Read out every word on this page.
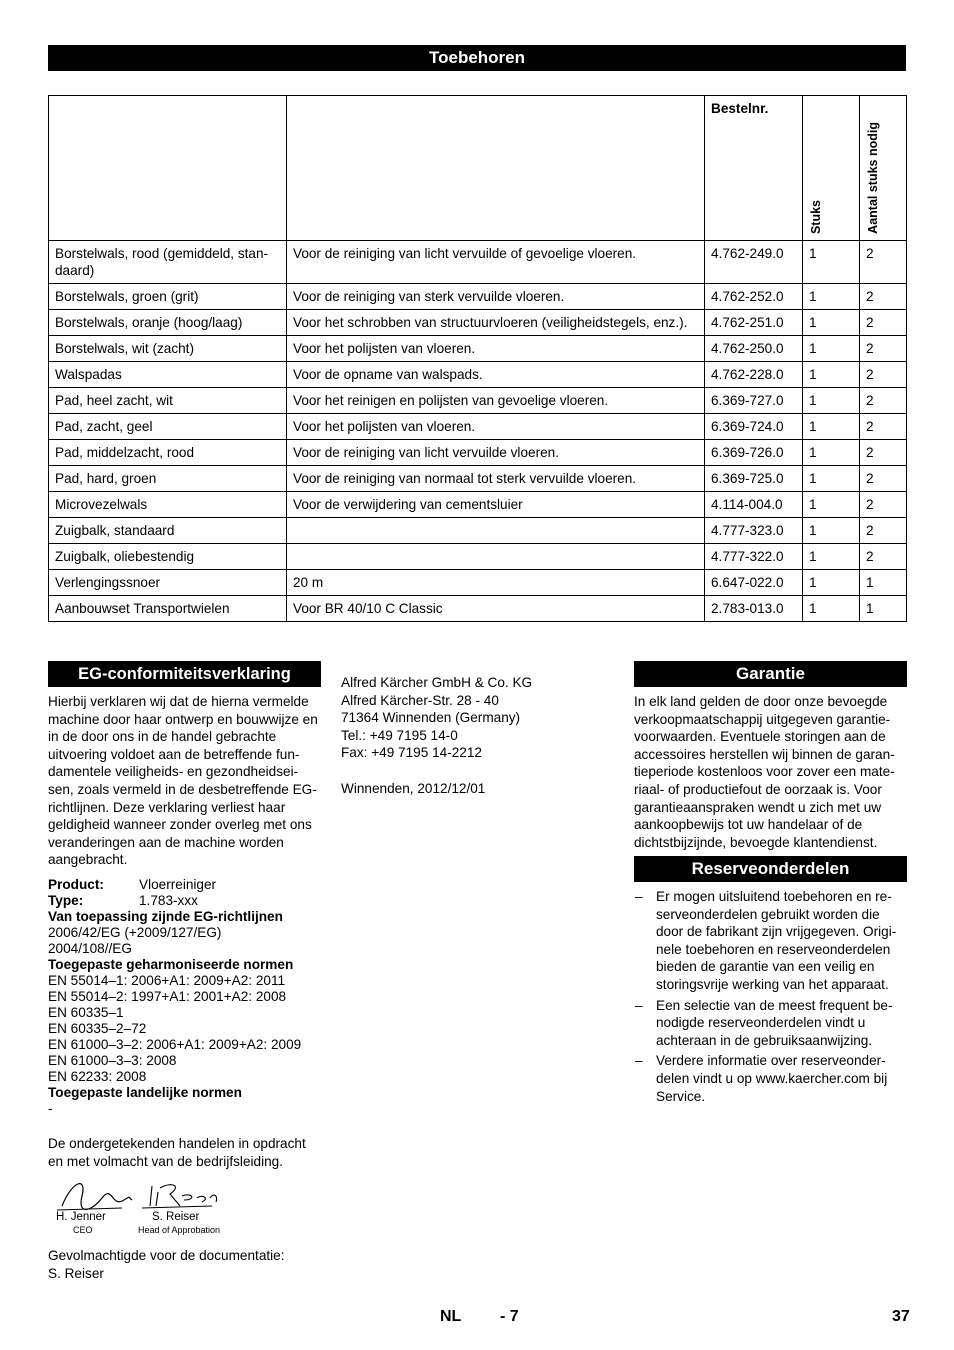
Toebehoren
		Bestelnr.	Stuks	Aantal stuks nodig

Borstelwals, rood (gemiddeld, stan-daard)	Voor de reiniging van licht vervuilde of gevoelige vloeren.	4.762-249.0	1	2
Borstelwals, groen (grit)	Voor de reiniging van sterk vervuilde vloeren.	4.762-252.0	1	2
Borstelwals, oranje (hoog/laag)	Voor het schrobben van structuurvloeren (veiligheidstegels, enz.).	4.762-251.0	1	2
Borstelwals, wit (zacht)	Voor het polijsten van vloeren.	4.762-250.0	1	2
Walspadas	Voor de opname van walspads.	4.762-228.0	1	2
Pad, heel zacht, wit	Voor het reinigen en polijsten van gevoelige vloeren.	6.369-727.0	1	2
Pad, zacht, geel	Voor het polijsten van vloeren.	6.369-724.0	1	2
Pad, middelzacht, rood	Voor de reiniging van licht vervuilde vloeren.	6.369-726.0	1	2
Pad, hard, groen	Voor de reiniging van normaal tot sterk vervuilde vloeren.	6.369-725.0	1	2
Microvezelwals	Voor de verwijdering van cementsluier	4.114-004.0	1	2
Zuigbalk, standaard		4.777-323.0	1	2
Zuigbalk, oliebestendig		4.777-322.0	1	2
Verlengingssnoer	20 m	6.647-022.0	1	1
Aanbouwset Transportwielen	Voor BR 40/10 C Classic	2.783-013.0	1	1
EG-conformiteitsverklaring

Hierbij verklaren wij dat de hierna vermelde machine door haar ontwerp en bouwwijze en in de door ons in de handel gebrachte uitvoering voldoet aan de betreffende fun-damentele veiligheids- en gezondheidsei-sen, zoals vermeld in de desbetreffende EG-richtlijnen. Deze verklaring verliest haar geldigheid wanneer zonder overleg met ons veranderingen aan de machine worden aangebracht.

Product:	Vloerreiniger
Type:	1.783-xxx
Van toepassing zijnde EG-richtlijnen
2006/42/EG (+2009/127/EG)
2004/108//EG
Toegepaste geharmoniseerde normen
EN 55014–1: 2006+A1: 2009+A2: 2011
EN 55014–2: 1997+A1: 2001+A2: 2008
EN 60335–1
EN 60335–2–72
EN 61000–3–2: 2006+A1: 2009+A2: 2009
EN 61000–3–3: 2008
EN 62233: 2008
Toegepaste landelijke normen
-

De ondergetekenden handelen in opdracht en met volmacht van de bedrijfsleiding.

H. Jenner
CEO
S. Reiser
Head of Approbation
Gevolmachtigde voor de documentatie:
S. Reiser
Alfred Kärcher GmbH & Co. KG
Alfred Kärcher-Str. 28 - 40
71364 Winnenden (Germany)
Tel.: +49 7195 14-0
Fax: +49 7195 14-2212
Winnenden, 2012/12/01
Garantie

In elk land gelden de door onze bevoegde verkoopmaatschappij uitgegeven garantie-voorwaarden. Eventuele storingen aan de accessoires herstellen wij binnen de garan-tieperiode kostenloos voor zover een mate-riaal- of productiefout de oorzaak is. Voor garantieaanspraken wendt u zich met uw aankoopbewijs tot uw handelaar of de dichtstbijzijnde, bevoegde klantendienst.

Reserveonderdelen
– Er mogen uitsluitend toebehoren en re-serveonderdelen gebruikt worden die door de fabrikant zijn vrijgegeven. Origi-nele toebehoren en reserveonderdelen bieden de garantie van een veilig en storingsvrije werking van het apparaat.
– Een selectie van de meest frequent be-nodigde reserveonderdelen vindt u achteraan in de gebruiksaanwijzing.
– Verdere informatie over reserveonder-delen vindt u op www.kaercher.com bij Service.
NL - 7	37
